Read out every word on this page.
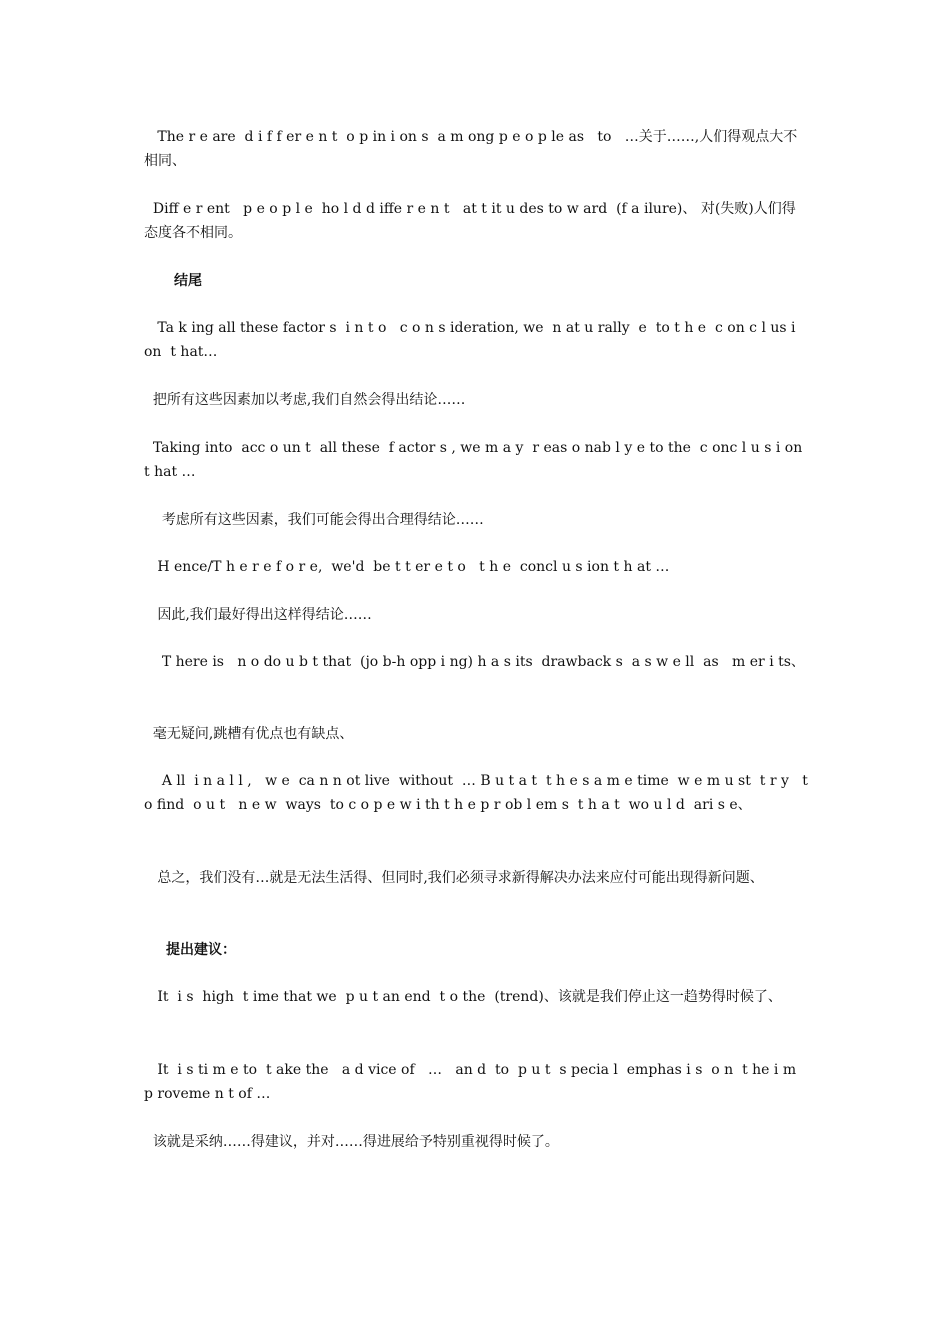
The r e are  d i f f er e n t  o p in i on s  a m ong p e o p le as   to   …关于……,人们得观点大不相同、

Diff e r ent   p e o p l e  ho l d d iffe r e n t   at t it u des to w ard  (f a ilure)、 对(失败)人们得态度各不相同。

结尾

Ta k ing all these factor s  i n t o   c o n s ideration, we  n at u rally  e  to t h e  c on c l us i on  t hat…

把所有这些因素加以考虑,我们自然会得出结论……

Taking into  acc o un t  all these  f actor s , we m a y  r eas o nab l y e to the  c onc l u s i on  t hat …

考虑所有这些因素，我们可能会得出合理得结论……

H ence/T h e r e f o r e,  we'd  be t t er e t o   t h e  concl u s ion t h at …

因此,我们最好得出这样得结论……

T here is   n o do u b t that  (jo b-h opp i ng) h a s its  drawback s  a s w e ll  as   m er i ts、

毫无疑问,跳槽有优点也有缺点、

A ll  i n a l l ,   w e  ca n n ot live  without  … B u t a t  t h e s a m e time  w e m u st  t r y   to find  o u t   n e w  ways  to c o p e w i th t h e p r ob l em s  t h a t  wo u l d  ari s e、

总之，我们没有…就是无法生活得、但同时,我们必须寻求新得解决办法来应付可能出现得新问题、

提出建议：

It  i s  high  t ime that we  p u t an end  t o the  (trend)、该就是我们停止这一趋势得时候了、

It  i s ti m e to  t ake the   a d vice of   …   an d  to  p u t  s pecia l  emphas i s  o n  t he i m p roveme n t of …

该就是采纳……得建议，并对……得进展给予特别重视得时候了。
